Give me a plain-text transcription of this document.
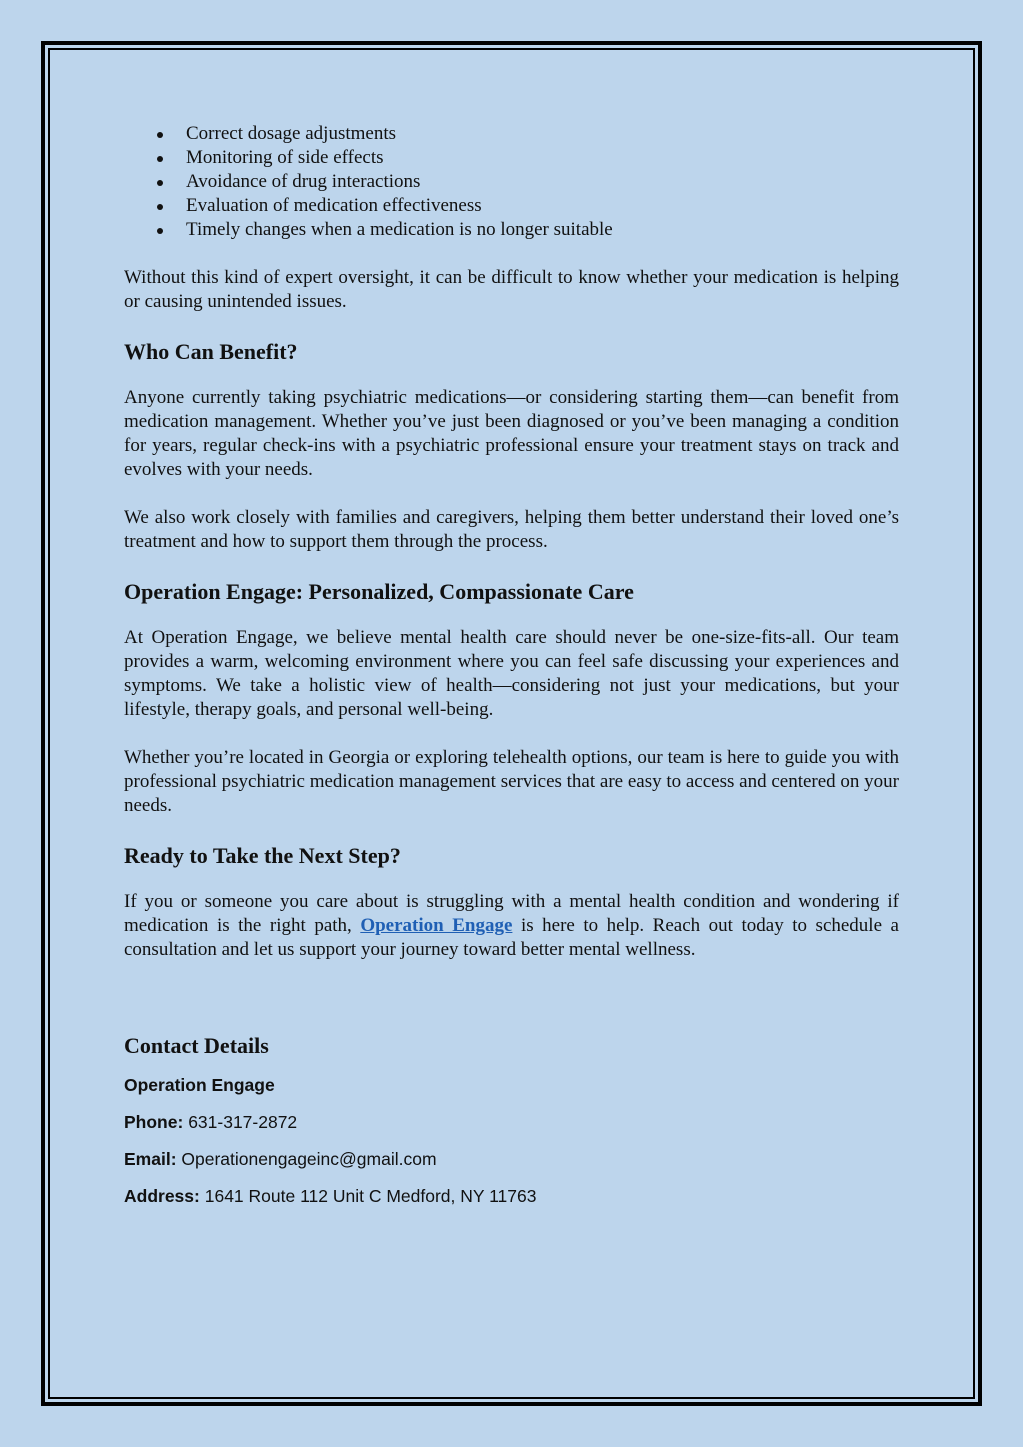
Correct dosage adjustments
Monitoring of side effects
Avoidance of drug interactions
Evaluation of medication effectiveness
Timely changes when a medication is no longer suitable

Without this kind of expert oversight, it can be difficult to know whether your medication is helping or causing unintended issues.

Who Can Benefit?

Anyone currently taking psychiatric medications—or considering starting them—can benefit from medication management. Whether you’ve just been diagnosed or you’ve been managing a condition for years, regular check-ins with a psychiatric professional ensure your treatment stays on track and evolves with your needs.

We also work closely with families and caregivers, helping them better understand their loved one’s treatment and how to support them through the process.

Operation Engage: Personalized, Compassionate Care

At Operation Engage, we believe mental health care should never be one-size-fits-all. Our team provides a warm, welcoming environment where you can feel safe discussing your experiences and symptoms. We take a holistic view of health—considering not just your medications, but your lifestyle, therapy goals, and personal well-being.

Whether you’re located in Georgia or exploring telehealth options, our team is here to guide you with professional psychiatric medication management services that are easy to access and centered on your needs.

Ready to Take the Next Step?

If you or someone you care about is struggling with a mental health condition and wondering if medication is the right path, Operation Engage is here to help. Reach out today to schedule a consultation and let us support your journey toward better mental wellness.

Contact Details

Operation Engage

Phone: 631-317-2872

Email: Operationengageinc@gmail.com

Address: 1641 Route 112 Unit C Medford, NY 11763
